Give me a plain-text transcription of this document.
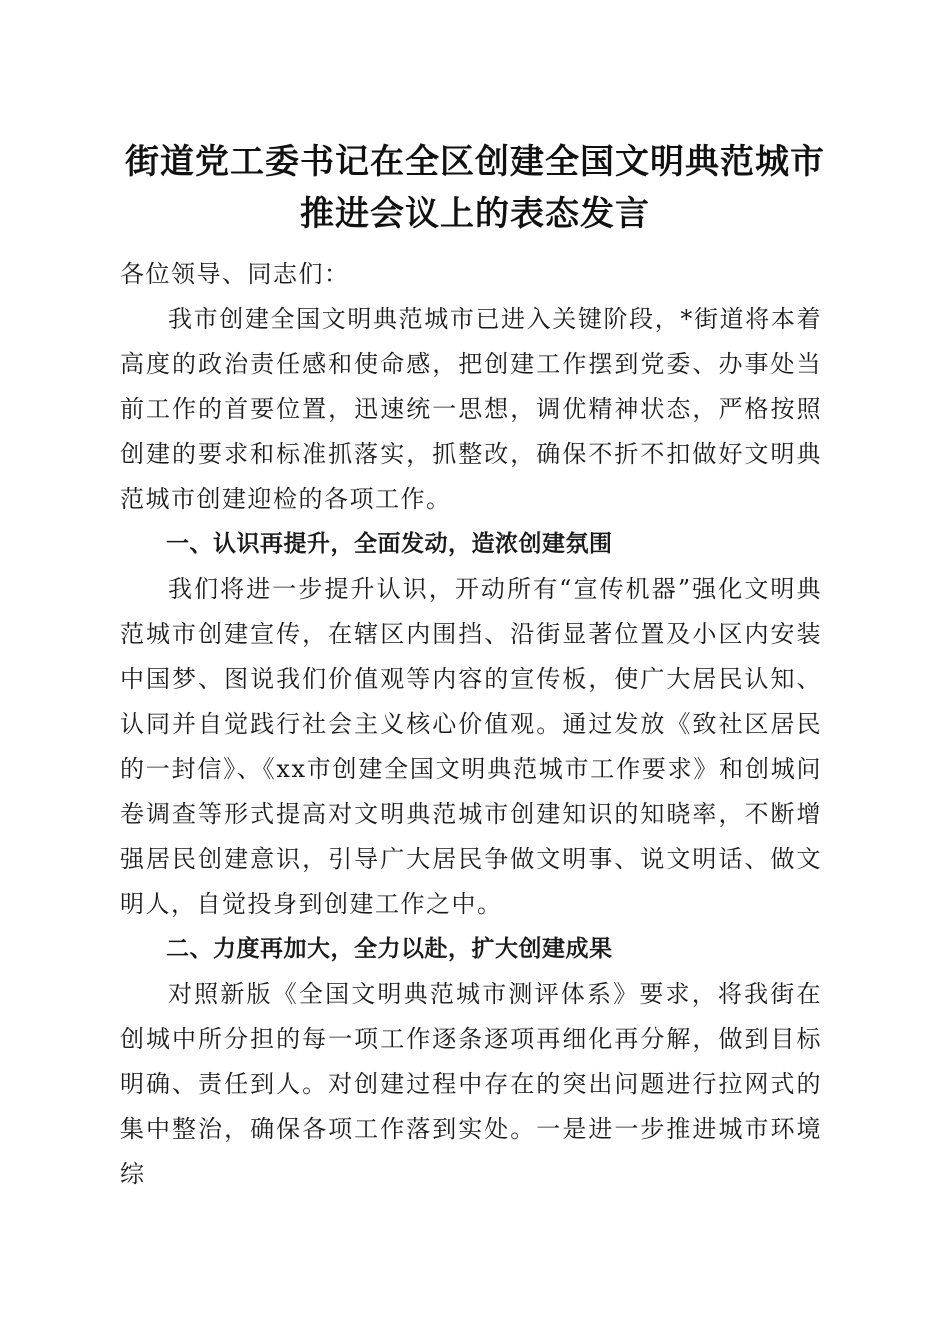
街道党工委书记在全区创建全国文明典范城市
推进会议上的表态发言

各位领导、同志们：

我市创建全国文明典范城市已进入关键阶段，*街道将本着高度的政治责任感和使命感，把创建工作摆到党委、办事处当前工作的首要位置，迅速统一思想，调优精神状态，严格按照创建的要求和标准抓落实，抓整改，确保不折不扣做好文明典范城市创建迎检的各项工作。

一、认识再提升，全面发动，造浓创建氛围

我们将进一步提升认识，开动所有“宣传机器”强化文明典范城市创建宣传，在辖区内围挡、沿街显著位置及小区内安装中国梦、图说我们价值观等内容的宣传板，使广大居民认知、认同并自觉践行社会主义核心价值观。通过发放《致社区居民的一封信》、《xx市创建全国文明典范城市工作要求》和创城问卷调查等形式提高对文明典范城市创建知识的知晓率，不断增强居民创建意识，引导广大居民争做文明事、说文明话、做文明人，自觉投身到创建工作之中。

二、力度再加大，全力以赴，扩大创建成果

对照新版《全国文明典范城市测评体系》要求，将我街在创城中所分担的每一项工作逐条逐项再细化再分解，做到目标明确、责任到人。对创建过程中存在的突出问题进行拉网式的集中整治，确保各项工作落到实处。一是进一步推进城市环境综
